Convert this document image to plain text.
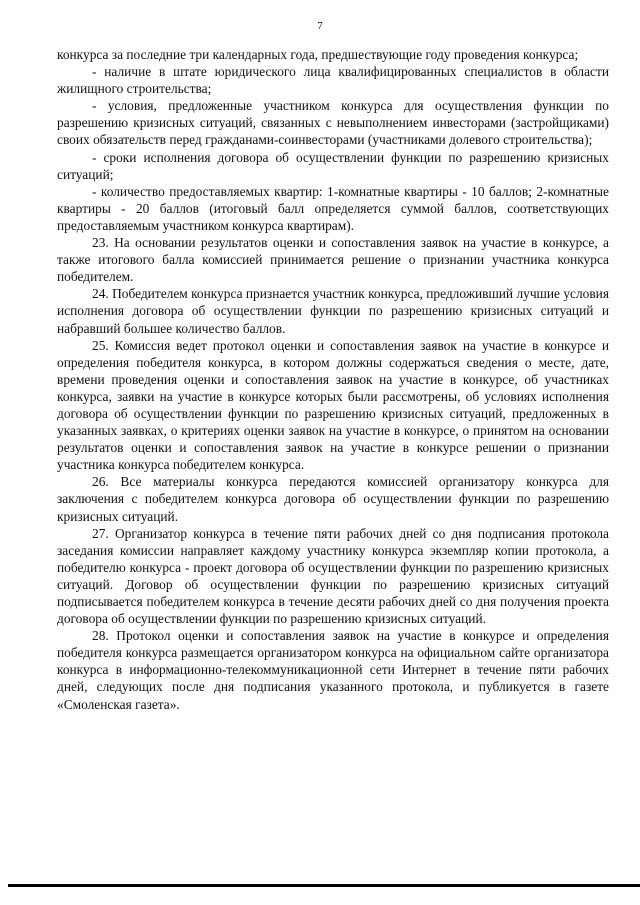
7

конкурса за последние три календарных года, предшествующие году проведения конкурса;

- наличие в штате юридического лица квалифицированных специалистов в области жилищного строительства;

- условия, предложенные участником конкурса для осуществления функции по разрешению кризисных ситуаций, связанных с невыполнением инвесторами (застройщиками) своих обязательств перед гражданами-соинвесторами (участниками долевого строительства);

- сроки исполнения договора об осуществлении функции по разрешению кризисных ситуаций;

- количество предоставляемых квартир: 1-комнатные квартиры - 10 баллов; 2-комнатные квартиры - 20 баллов (итоговый балл определяется суммой баллов, соответствующих предоставляемым участником конкурса квартирам).

23. На основании результатов оценки и сопоставления заявок на участие в конкурсе, а также итогового балла комиссией принимается решение о признании участника конкурса победителем.

24. Победителем конкурса признается участник конкурса, предложивший лучшие условия исполнения договора об осуществлении функции по разрешению кризисных ситуаций и набравший большее количество баллов.

25. Комиссия ведет протокол оценки и сопоставления заявок на участие в конкурсе и определения победителя конкурса, в котором должны содержаться сведения о месте, дате, времени проведения оценки и сопоставления заявок на участие в конкурсе, об участниках конкурса, заявки на участие в конкурсе которых были рассмотрены, об условиях исполнения договора об осуществлении функции по разрешению кризисных ситуаций, предложенных в указанных заявках, о критериях оценки заявок на участие в конкурсе, о принятом на основании результатов оценки и сопоставления заявок на участие в конкурсе решении о признании участника конкурса победителем конкурса.

26. Все материалы конкурса передаются комиссией организатору конкурса для заключения с победителем конкурса договора об осуществлении функции по разрешению кризисных ситуаций.

27. Организатор конкурса в течение пяти рабочих дней со дня подписания протокола заседания комиссии направляет каждому участнику конкурса экземпляр копии протокола, а победителю конкурса - проект договора об осуществлении функции по разрешению кризисных ситуаций. Договор об осуществлении функции по разрешению кризисных ситуаций подписывается победителем конкурса в течение десяти рабочих дней со дня получения проекта договора об осуществлении функции по разрешению кризисных ситуаций.

28. Протокол оценки и сопоставления заявок на участие в конкурсе и определения победителя конкурса размещается организатором конкурса на официальном сайте организатора конкурса в информационно-телекоммуникационной сети Интернет в течение пяти рабочих дней, следующих после дня подписания указанного протокола, и публикуется в газете «Смоленская газета».
